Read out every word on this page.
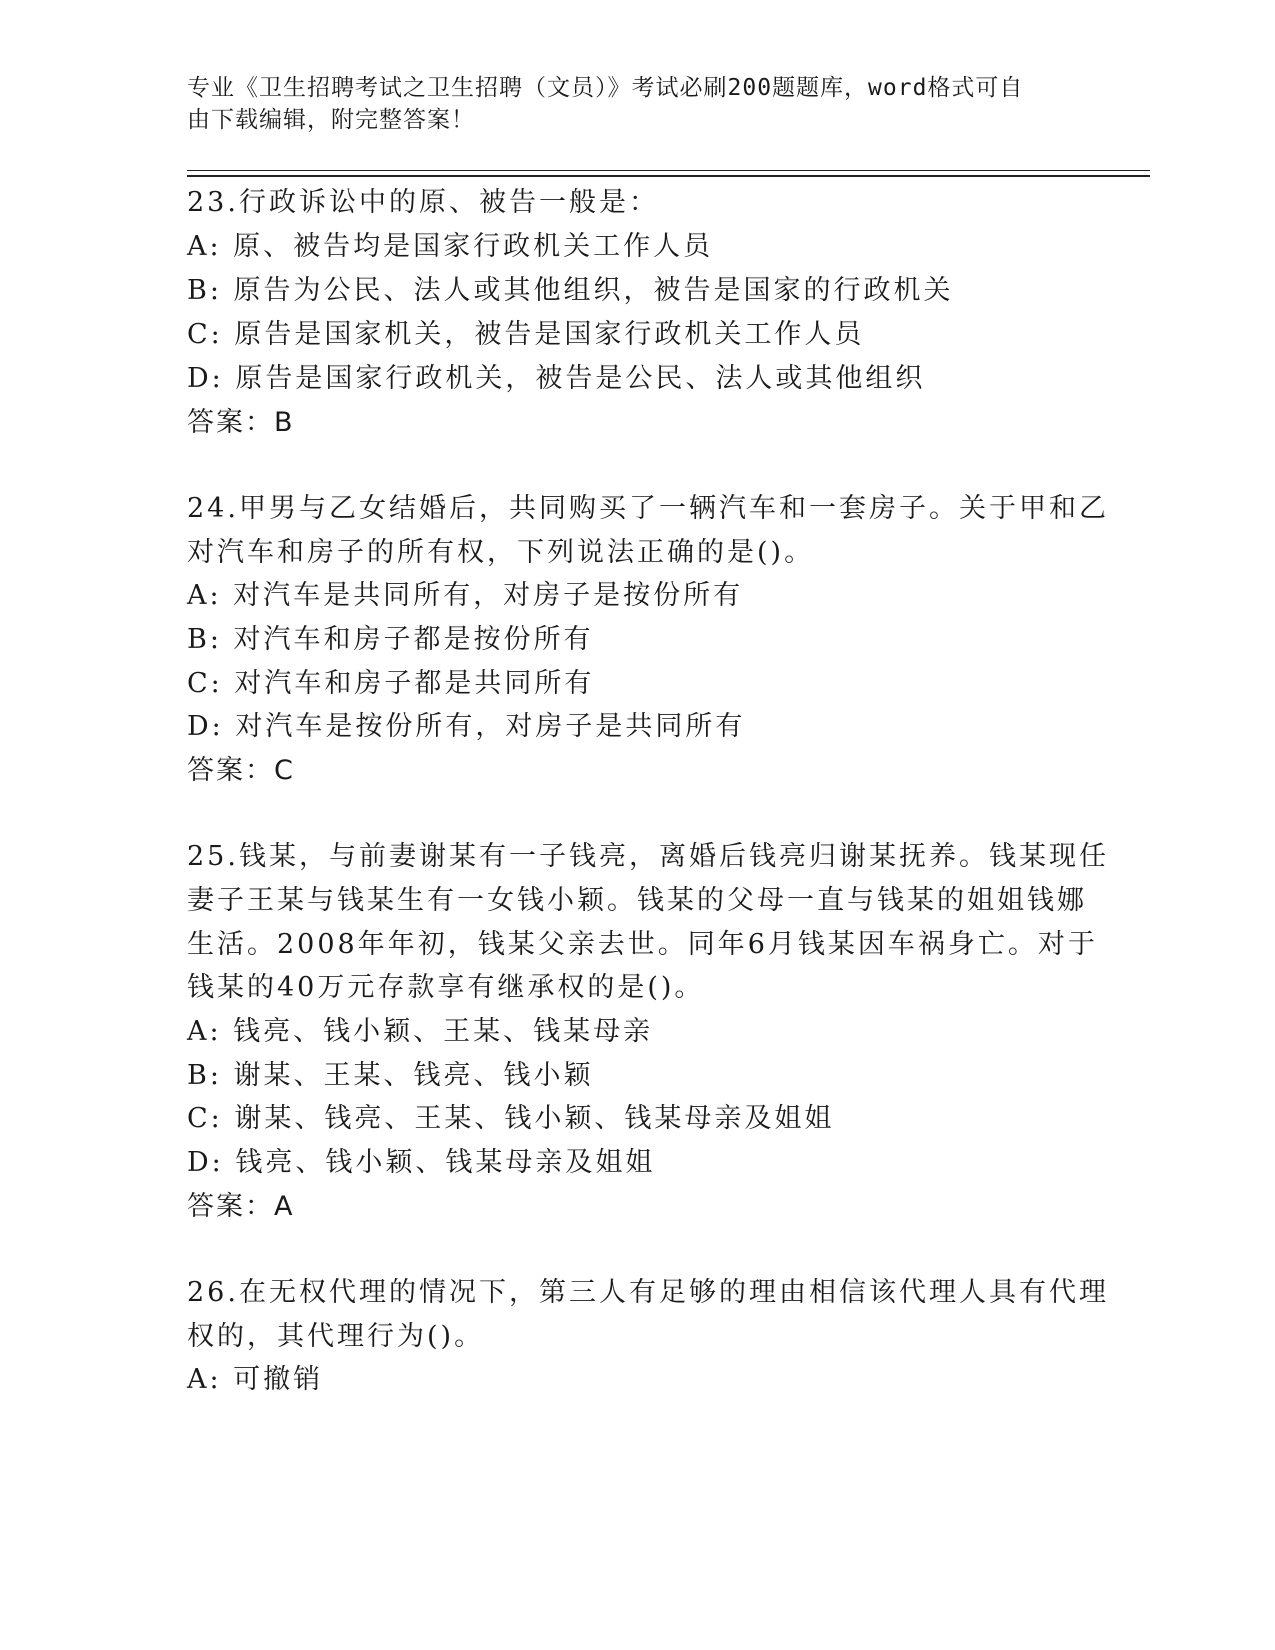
专业《卫生招聘考试之卫生招聘（文员）》考试必刷200题题库，word格式可自
由下载编辑，附完整答案！
23.行政诉讼中的原、被告一般是：
A: 原、被告均是国家行政机关工作人员
B: 原告为公民、法人或其他组织，被告是国家的行政机关
C: 原告是国家机关，被告是国家行政机关工作人员
D: 原告是国家行政机关，被告是公民、法人或其他组织
答案：B
24.甲男与乙女结婚后，共同购买了一辆汽车和一套房子。关于甲和乙
对汽车和房子的所有权，下列说法正确的是()。
A: 对汽车是共同所有，对房子是按份所有
B: 对汽车和房子都是按份所有
C: 对汽车和房子都是共同所有
D: 对汽车是按份所有，对房子是共同所有
答案：C
25.钱某，与前妻谢某有一子钱亮，离婚后钱亮归谢某抚养。钱某现任
妻子王某与钱某生有一女钱小颖。钱某的父母一直与钱某的姐姐钱娜
生活。2008年年初，钱某父亲去世。同年6月钱某因车祸身亡。对于
钱某的40万元存款享有继承权的是()。
A: 钱亮、钱小颖、王某、钱某母亲
B: 谢某、王某、钱亮、钱小颖
C: 谢某、钱亮、王某、钱小颖、钱某母亲及姐姐
D: 钱亮、钱小颖、钱某母亲及姐姐
答案：A
26.在无权代理的情况下，第三人有足够的理由相信该代理人具有代理
权的，其代理行为()。
A: 可撤销
